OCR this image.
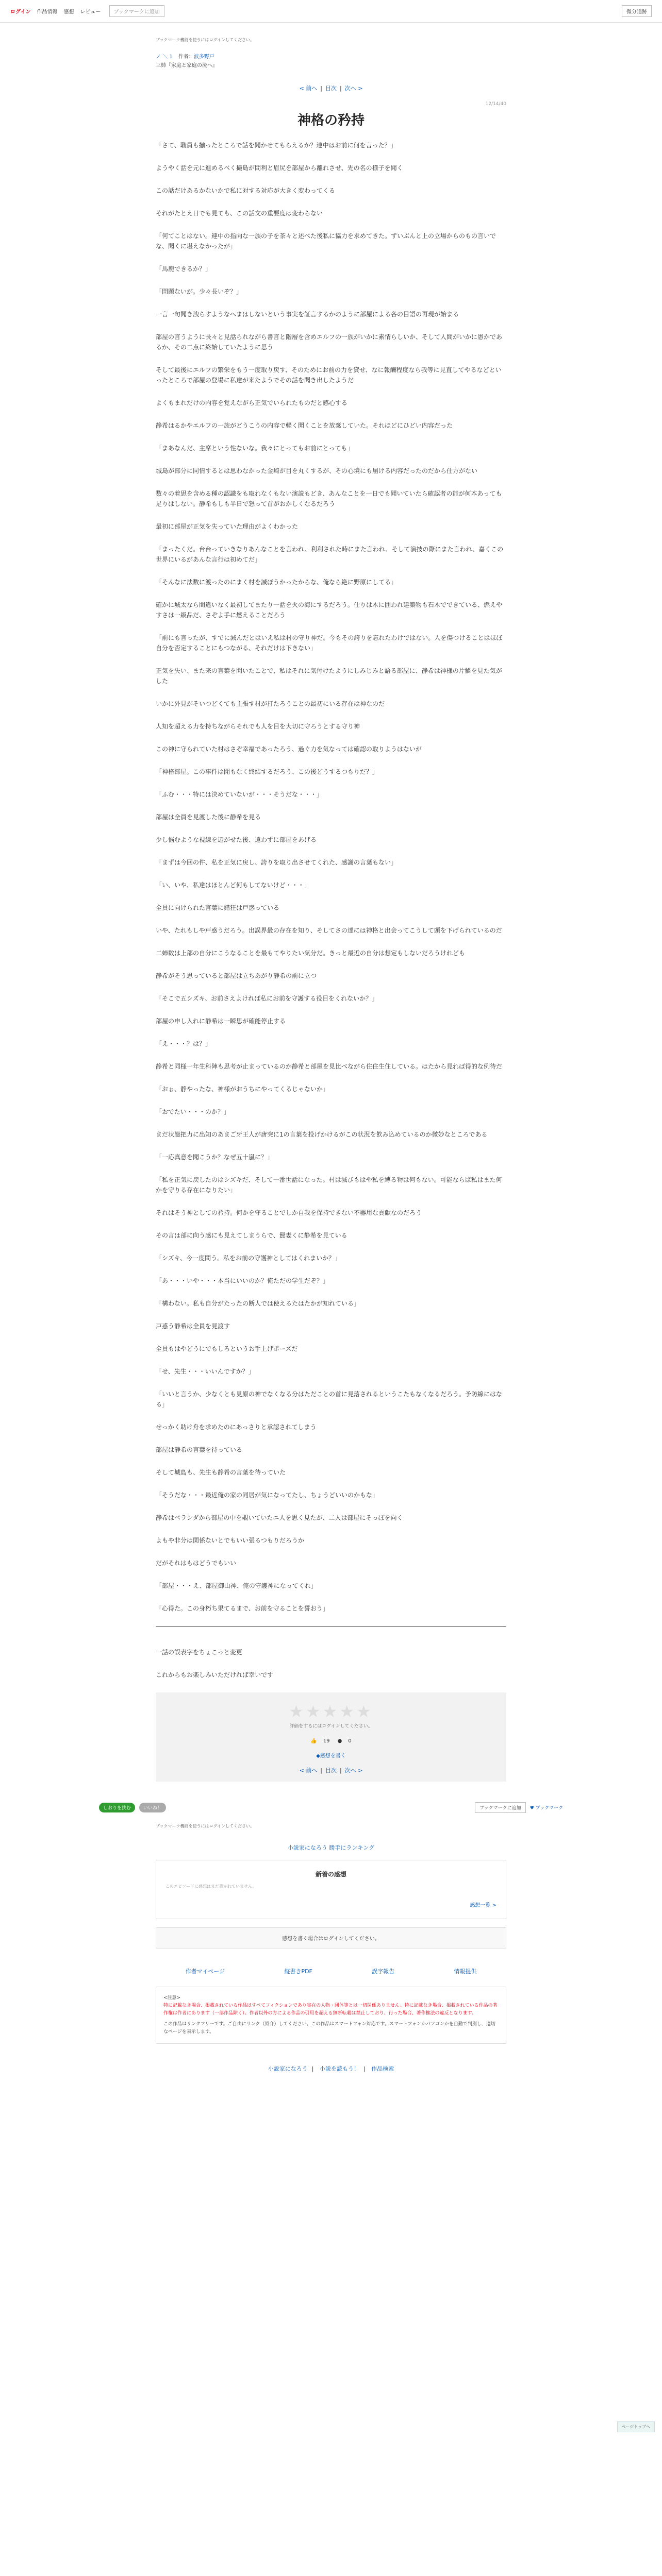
ログイン 作品情報 感想 レビュー	ブックマークに追加	微分追跡
ブックマーク機能を使うにはログインしてください。
ノ ＼ 1 作者：波多野戸
三姉『家庭と家庭の流へ』
< 前へ | 目次 | 次へ >
12/14/40
神格の矜持

「さて、職員も揃ったところで話を聞かせてもらえるか？連中はお前に何を言った？」

ようやく話を元に進めるべく撮島が問利と眉尻を部屋から離れさせ、先の名の様子を聞く

この話だけあるかないかで私に対する対応が大きく変わってくる

それがたとえ日でも見ても、この話文の重要度は変わらない

「何てことはない。連中の指向な一族の子を茶々と述べた後私に協力を求めてきた。ずいぶんと上の立場からのもの言いでな、聞くに堪えなかったが」

「馬鹿できるか？」

「問題ないが。少々長いぞ？」

一言一句聞き洩らすようなへまはしないという事実を証言するかのように部屋による各の目語の再現が始まる

部屋の言うように長々と見話られながら書言と階層を含めエルフの一族がいかに素情らしいか、そして人間がいかに愚かであるか、その二点に終始していたように思う

そして最後にエルフの繁栄をもう一度取り戻す、そのためにお前の力を貸せ、なに報酬程度なら我等に見直してやるなどといったところで部屋の登場に私達が来たようでその話を聞き出したようだ

よくもまれだけの内容を覚えながら正気でいられたものだと感心する

静希はるかやエルフの一族がどうこうの内容で軽く聞くことを放棄していた。それほどにひどい内容だった

「まあなんだ、主席という性ないな。我々にとってもお前にとっても」

城島が部分に同情するとは思わなかった金崎が目を丸くするが、その心境にも届ける内容だったのだから仕方がない

数々の着思を含める種の認識をも取れなくもない演説もどき、あんなことを一日でも聞いていたら確認者の能が何本あっても足りはしない。静希もしも半日で怒って首がおかしくなるだろう

最初に部屋が正気を失っていた理由がよくわかった

「まったくだ。台台っていきなりあんなことを言われ、利利された時にまた言われ、そして演技の際にまた言われ、嘉くこの世界にいるがあんな言行は初めてだ」

「そんなに法数に渡ったのにまく村を滅ぼうかったからな、俺なら絶に野原にしてる」

確かに城太なら間違いなく最初してまたり一話を火の海にするだろう。仕りは木に囲われ建築物も石木でできている、燃えやすさは一級品だ、さぞよ手に燃えることだろう

「前にも言ったが、すでに減んだとはいえ私は村の守り神だ。今もその誇りを忘れたわけではない。人を傷つけることはほぼ自分を否定することにもつながる、それだけは下きない」

正気を失い、また来の言葉を聞いたことで、私はそれに気付けたようにしみじみと語る部屋に、静希は神様の片鱗を見た気がした

いかに外見がそいつどくても主張す村が打たろうことの最初にいる存在は神なのだ

人知を超える力を持ちながらそれでも人を目を大切に守ろうとする守り神

この神に守られていた村はさぞ幸福であったろう、過ぐ力を気なっては確認の取りようはないが

「神格部屋。この事件は聞もなく終結するだろう、この後どうするつもりだ？」

「ふむ・・・特には決めていないが・・・そうだな・・・」

部屋は全員を見渡した後に静希を見る

少し悩むような視線を辺がせた後、遠わずに部屋をあげる

「まずは今回の件、私を正気に戻し、誇りを取り出させてくれた、感謝の言葉もない」

「い、いや、私達はほとんど何もしてないけど・・・」

全員に向けられた言葉に錯狂は戸惑っている

いや、たれもしや戸惑うだろう。出誤界最の存在を知り、そしてさの達には神格と出会ってこうして頭を下げられているのだ

二姉数は上部の自分にこうなることを最もてやりたい気分だ。きっと最近の自分は想定もしないだろうけれども

静希がそう思っていると部屋は立ちあがり静希の前に立つ

「そこで五シズキ、お前さえよければ私にお前を守護する役目をくれないか？」

部屋の申し入れに静希は一瞬思が確能停止する

「え・・・？は？」

静希と同様一年生科陣も思考が止まっているのか静希と部屋を見比べながら住住生住している。はたから見れば得的な例待だ

「おぉ、静やったな、神様がおうちにやってくるじゃないか」

「おでたい・・・のか？」

まだ状態把力に出知のあまご牙王人が唐突に1の言葉を投げかけるがこの状況を飲み込めているのか微妙なところである

「一応真意を聞こうか？なぜ五十嵐に？」

「私を正気に戻したのはシズキだ、そして一番世話になった。村は滅びもはや私を縛る物は何もない。可能ならば私はまた何かを守りる存在になりたい」

それはそう神としての矜持。何かを守ることでしか自我を保持できない不器用な貢献なのだろう

その言は部に向う感にも見えてしまうらで、賢妻くに静希を見ている

「シズキ、今一度問う。私をお前の守護神としてはくれまいか？」

「あ・・・いや・・・本当にいいのか？俺ただの学生だぞ？」

「構わない。私も自分がたったの断人では使えるたはたかが知れている」

戸惑う静希は全員を見渡す

全員もはやどうにでもしろというお手上げポーズだ

「せ、先生・・・いいんですか？」

「いいと言うか、少なくとも見原の神でなくなる分はただことの首に見落されるというこたもなくなるだろう。予防線にはなる」

せっかく助け舟を求めたのにあっさりと承認されてしまう

部屋は静希の言葉を待っている

そして城島も、先生も静希の言葉を待っていた

「そうだな・・・最近俺の家の同居が気になってたし、ちょうどいいのかもな」

静希はベランダから部屋の中を覗いていたニ人を思く見たが、二人は部屋にそっぽを向く

よもや非分は関係ないとでもいい張るつもりだろうか

だがそれはもはどうでもいい

「部屋・・・え、部屋御山神、俺の守護神になってくれ」

「心得た。この身朽ち果てるまで、お前を守ることを誓おう」

一話の誤表字をちょこっと変更

これからもお楽しみいただければ幸いです

★★★★★
評価をするにはログインしてください。
👍 19 ● 0
◆感想を書く
< 前へ | 目次 | 次へ >
しおりを挟む	いいね！	ブックマークに追加	♥ ブックマーク
ブックマーク機能を使うにはログインしてください。
小説家になろう 勝手にランキング
新着の感想
このエピソードに感想はまだ書かれていません。
感想一覧 >
感想を書く場合はログインしてください。
作者マイページ	縦書きPDF	誤字報告	情報提供
<注意>
特に記載なき場合、掲載されている作品はすべてフィクションであり実在の人物・団体等とは一切関係ありません。特に記載なき場合、掲載されている作品の著作権は作者にあります（一部作品除く）。作者以外の方による作品の引用を超える無断転載は禁止しており、行った場合、著作権法の違反となります。
この作品はリンクフリーです。ご自由にリンク（紹介）してください。この作品はスマートフォン対応です。スマートフォンかパソコンかを自動で判別し、適切なページを表示します。
小説家になろう | 小説を読もう！ | 作品検索
ページトップへ
